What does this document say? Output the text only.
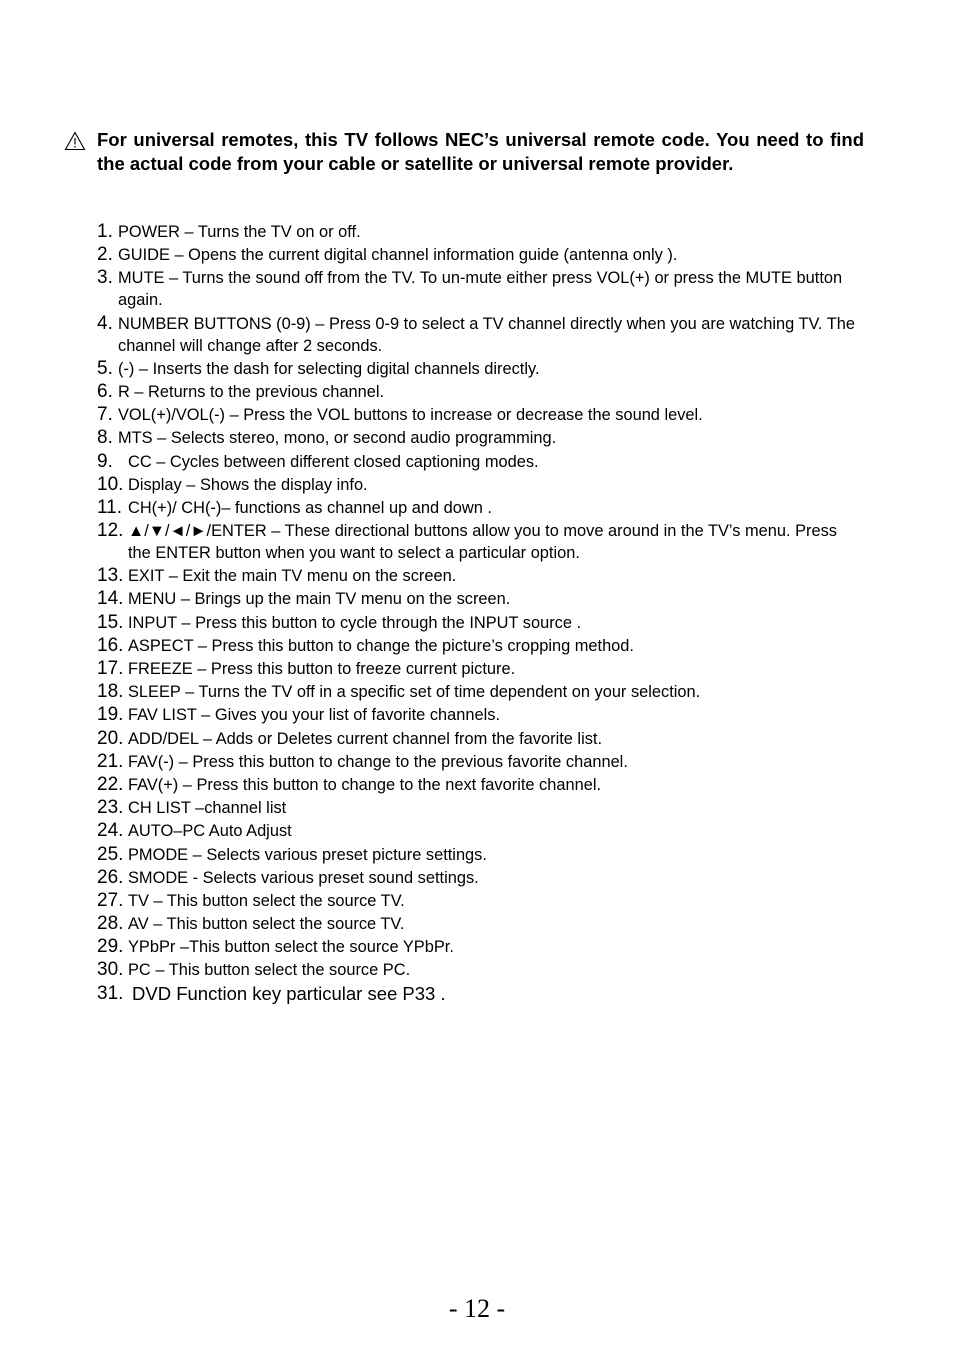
For universal remotes, this TV follows NEC’s universal remote code. You need to find the actual code from your cable or satellite or universal remote provider.

1. POWER – Turns the TV on or off.
2. GUIDE – Opens the current digital channel information guide (antenna only ).
3. MUTE – Turns the sound off from the TV. To un-mute either press VOL(+) or press the MUTE button again.
4. NUMBER BUTTONS (0-9) – Press 0-9 to select a TV channel directly when you are watching TV. The channel will change after 2 seconds.
5. (-) – Inserts the dash for selecting digital channels directly.
6. R – Returns to the previous channel.
7. VOL(+)/VOL(-) – Press the VOL buttons to increase or decrease the sound level.
8. MTS – Selects stereo, mono, or second audio programming.
9. CC – Cycles between different closed captioning modes.
10. Display – Shows the display info.
11. CH(+)/ CH(-)– functions as channel up and down .
12. ▲/▼/◄/►/ENTER – These directional buttons allow you to move around in the TV’s menu. Press the ENTER button when you want to select a particular option.
13. EXIT – Exit the main TV menu on the screen.
14. MENU – Brings up the main TV menu on the screen.
15. INPUT – Press this button to cycle through the INPUT source .
16. ASPECT – Press this button to change the picture’s cropping method.
17. FREEZE – Press this button to freeze current picture.
18. SLEEP – Turns the TV off in a specific set of time dependent on your selection.
19. FAV LIST – Gives you your list of favorite channels.
20. ADD/DEL – Adds or Deletes current channel from the favorite list.
21. FAV(-) – Press this button to change to the previous favorite channel.
22. FAV(+) – Press this button to change to the next favorite channel.
23. CH LIST –channel list
24. AUTO–PC Auto Adjust
25. PMODE – Selects various preset picture settings.
26. SMODE - Selects various preset sound settings.
27. TV – This button select the source TV.
28. AV – This button select the source TV.
29. YPbPr –This button select the source YPbPr.
30. PC – This button select the source PC.
31. DVD Function key particular see P33 .
- 12 -
